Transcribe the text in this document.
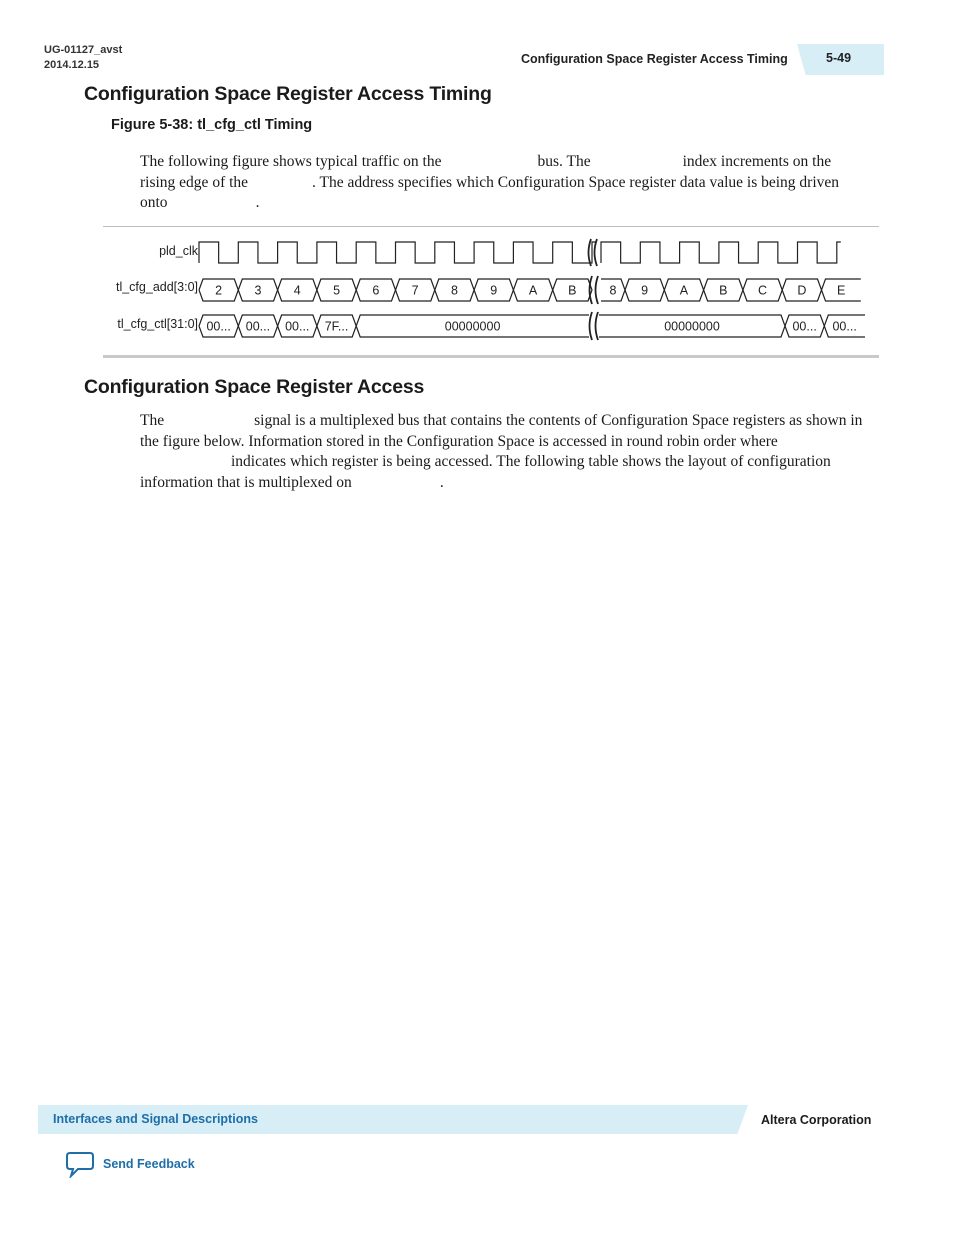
UG-01127_avst
2014.12.15	Configuration Space Register Access Timing	5-49
Configuration Space Register Access Timing
Figure 5-38: tl_cfg_ctl Timing

The following figure shows typical traffic on the	bus. The	index increments on the rising edge of the	. The address specifies which Configuration Space register data value is being driven onto	.

pld_clk
tl_cfg_add[3:0]
tl_cfg_ctl[31:0]
2	3	4	5	6	7	8	9	A B	8 9	A B C D E
00... 00... 00... 7F...	00000000	00000000	00... 00...
Configuration Space Register Access

The	signal is a multiplexed bus that contains the contents of Configuration Space registers as shown in the figure below. Information stored in the Configuration Space is accessed in round robin order whereindicates which register is being accessed. The following table shows the layout of configuration information that is multiplexed on	.

Interfaces and Signal Descriptions	Altera Corporation
Send Feedback
